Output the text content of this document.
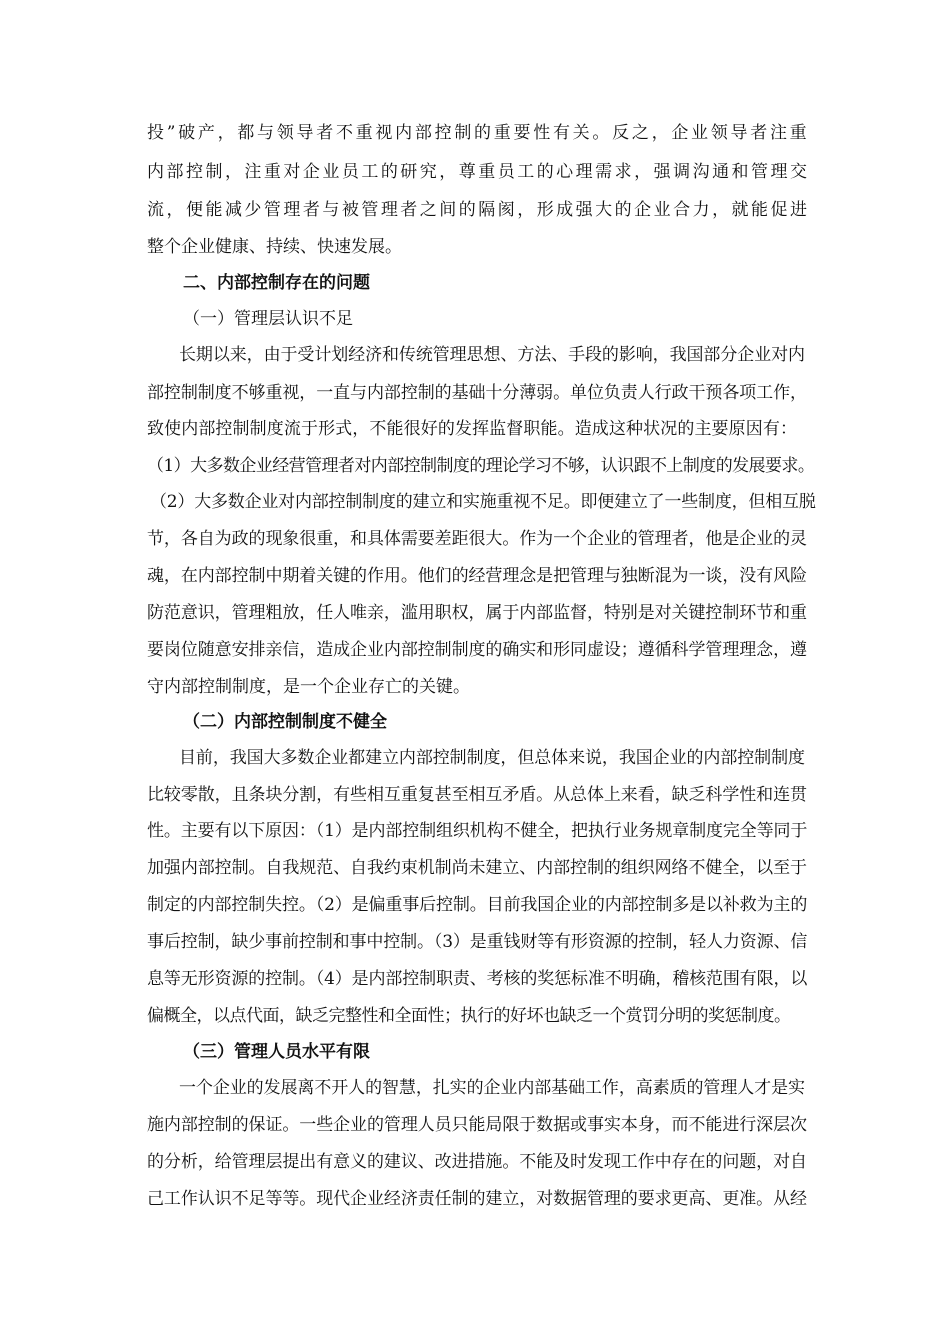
投”破产，都与领导者不重视内部控制的重要性有关。反之，企业领导者注重
内部控制，注重对企业员工的研究，尊重员工的心理需求，强调沟通和管理交
流，便能减少管理者与被管理者之间的隔阂，形成强大的企业合力，就能促进
整个企业健康、持续、快速发展。
二、内部控制存在的问题
（一）管理层认识不足
长期以来，由于受计划经济和传统管理思想、方法、手段的影响，我国部分企业对内
部控制制度不够重视，一直与内部控制的基础十分薄弱。单位负责人行政干预各项工作，
致使内部控制制度流于形式，不能很好的发挥监督职能。造成这种状况的主要原因有：
（1）大多数企业经营管理者对内部控制制度的理论学习不够，认识跟不上制度的发展要求。
（2）大多数企业对内部控制制度的建立和实施重视不足。即便建立了一些制度，但相互脱
节，各自为政的现象很重，和具体需要差距很大。作为一个企业的管理者，他是企业的灵
魂，在内部控制中期着关键的作用。他们的经营理念是把管理与独断混为一谈，没有风险
防范意识，管理粗放，任人唯亲，滥用职权，属于内部监督，特别是对关键控制环节和重
要岗位随意安排亲信，造成企业内部控制制度的确实和形同虚设；遵循科学管理理念，遵
守内部控制制度，是一个企业存亡的关键。
（二）内部控制制度不健全
目前，我国大多数企业都建立内部控制制度，但总体来说，我国企业的内部控制制度
比较零散，且条块分割，有些相互重复甚至相互矛盾。从总体上来看，缺乏科学性和连贯
性。主要有以下原因：（1）是内部控制组织机构不健全，把执行业务规章制度完全等同于
加强内部控制。自我规范、自我约束机制尚未建立、内部控制的组织网络不健全，以至于
制定的内部控制失控。（2）是偏重事后控制。目前我国企业的内部控制多是以补救为主的
事后控制，缺少事前控制和事中控制。（3）是重钱财等有形资源的控制，轻人力资源、信
息等无形资源的控制。（4）是内部控制职责、考核的奖惩标准不明确，稽核范围有限，以
偏概全，以点代面，缺乏完整性和全面性；执行的好坏也缺乏一个赏罚分明的奖惩制度。
（三）管理人员水平有限
一个企业的发展离不开人的智慧，扎实的企业内部基础工作，高素质的管理人才是实
施内部控制的保证。一些企业的管理人员只能局限于数据或事实本身，而不能进行深层次
的分析，给管理层提出有意义的建议、改进措施。不能及时发现工作中存在的问题，对自
己工作认识不足等等。现代企业经济责任制的建立，对数据管理的要求更高、更准。从经
